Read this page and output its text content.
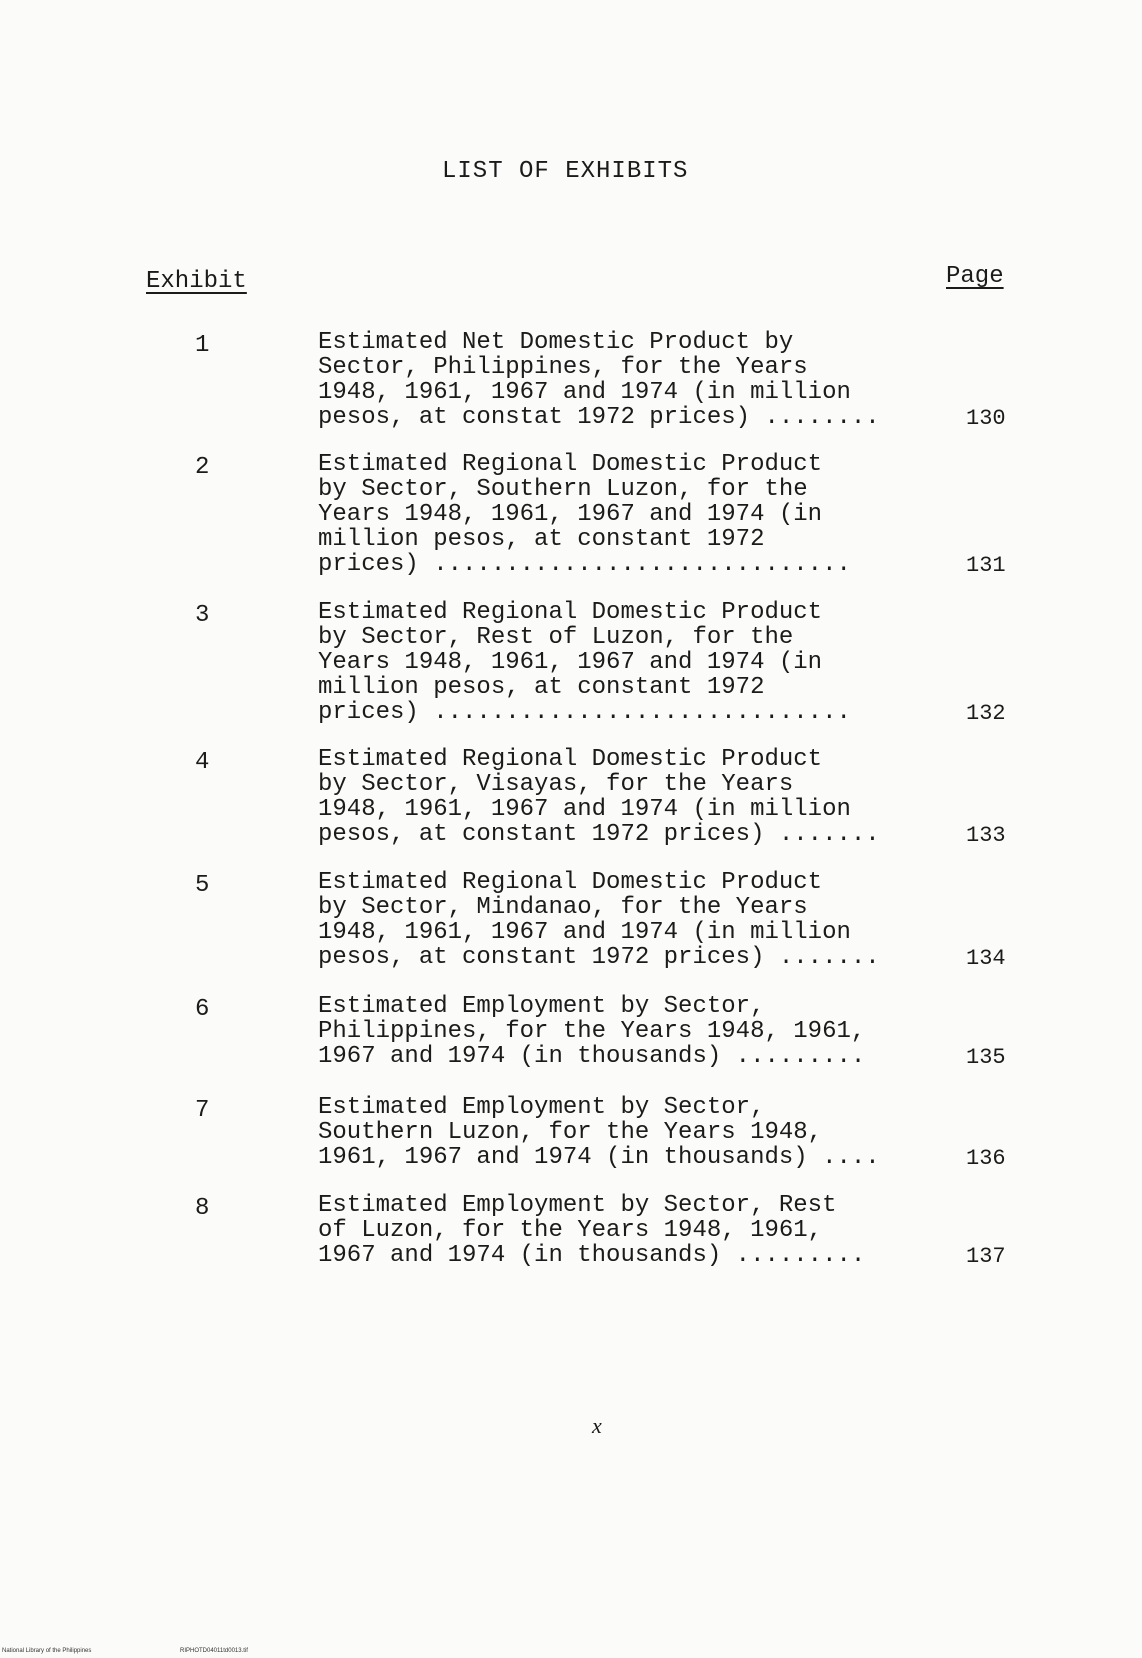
LIST OF EXHIBITS
Exhibit	Page
1	Estimated Net Domestic Product by
Sector, Philippines, for the Years
1948, 1961, 1967 and 1974 (in million
pesos, at constat 1972 prices) ........	130
2	Estimated Regional Domestic Product
by Sector, Southern Luzon, for the
Years 1948, 1961, 1967 and 1974 (in
million pesos, at constant 1972
prices) .............................	131
3	Estimated Regional Domestic Product
by Sector, Rest of Luzon, for the
Years 1948, 1961, 1967 and 1974 (in
million pesos, at constant 1972
prices) .............................	132
4	Estimated Regional Domestic Product
by Sector, Visayas, for the Years
1948, 1961, 1967 and 1974 (in million
pesos, at constant 1972 prices) .......	133
5	Estimated Regional Domestic Product
by Sector, Mindanao, for the Years
1948, 1961, 1967 and 1974 (in million
pesos, at constant 1972 prices) .......	134
6	Estimated Employment by Sector,
Philippines, for the Years 1948, 1961,
1967 and 1974 (in thousands) .........	135
7	Estimated Employment by Sector,
Southern Luzon, for the Years 1948,
1961, 1967 and 1974 (in thousands) ....	136
8	Estimated Employment by Sector, Rest
of Luzon, for the Years 1948, 1961,
1967 and 1974 (in thousands) .........	137
x
National Library of the Philippines	RIPHOTD04011td0013.tif
